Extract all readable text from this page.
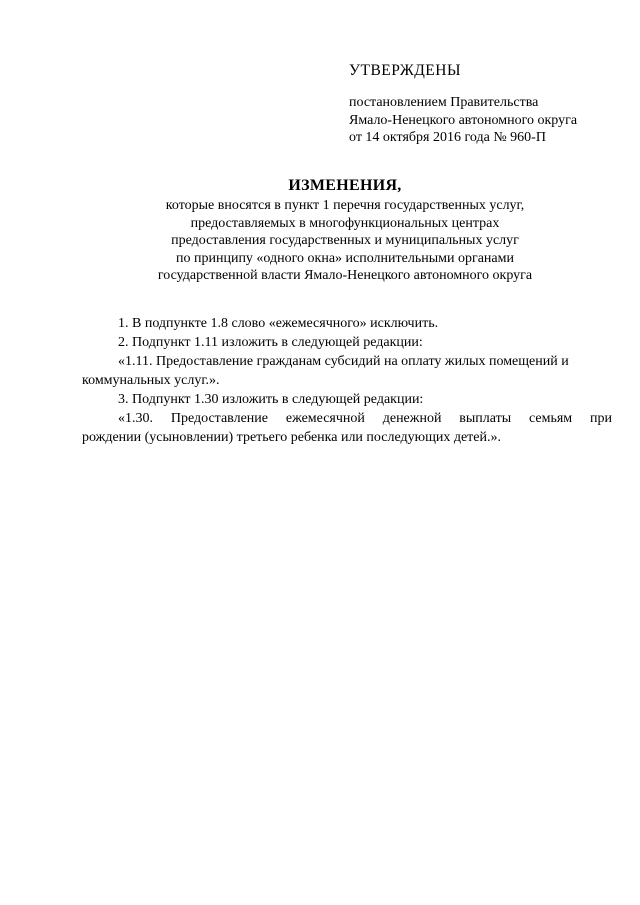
УТВЕРЖДЕНЫ
постановлением Правительства
Ямало-Ненецкого автономного округа
от 14 октября 2016 года № 960-П
ИЗМЕНЕНИЯ,
которые вносятся в пункт 1 перечня государственных услуг,
предоставляемых в многофункциональных центрах
предоставления государственных и муниципальных услуг
по принципу «одного окна» исполнительными органами
государственной власти Ямало-Ненецкого автономного округа
1. В подпункте 1.8 слово «ежемесячного» исключить.
2. Подпункт 1.11 изложить в следующей редакции:
«1.11. Предоставление гражданам субсидий на оплату жилых помещений и
коммунальных услуг.».
3. Подпункт 1.30 изложить в следующей редакции:
«1.30. Предоставление ежемесячной денежной выплаты семьям при
рождении (усыновлении) третьего ребенка или последующих детей.».
